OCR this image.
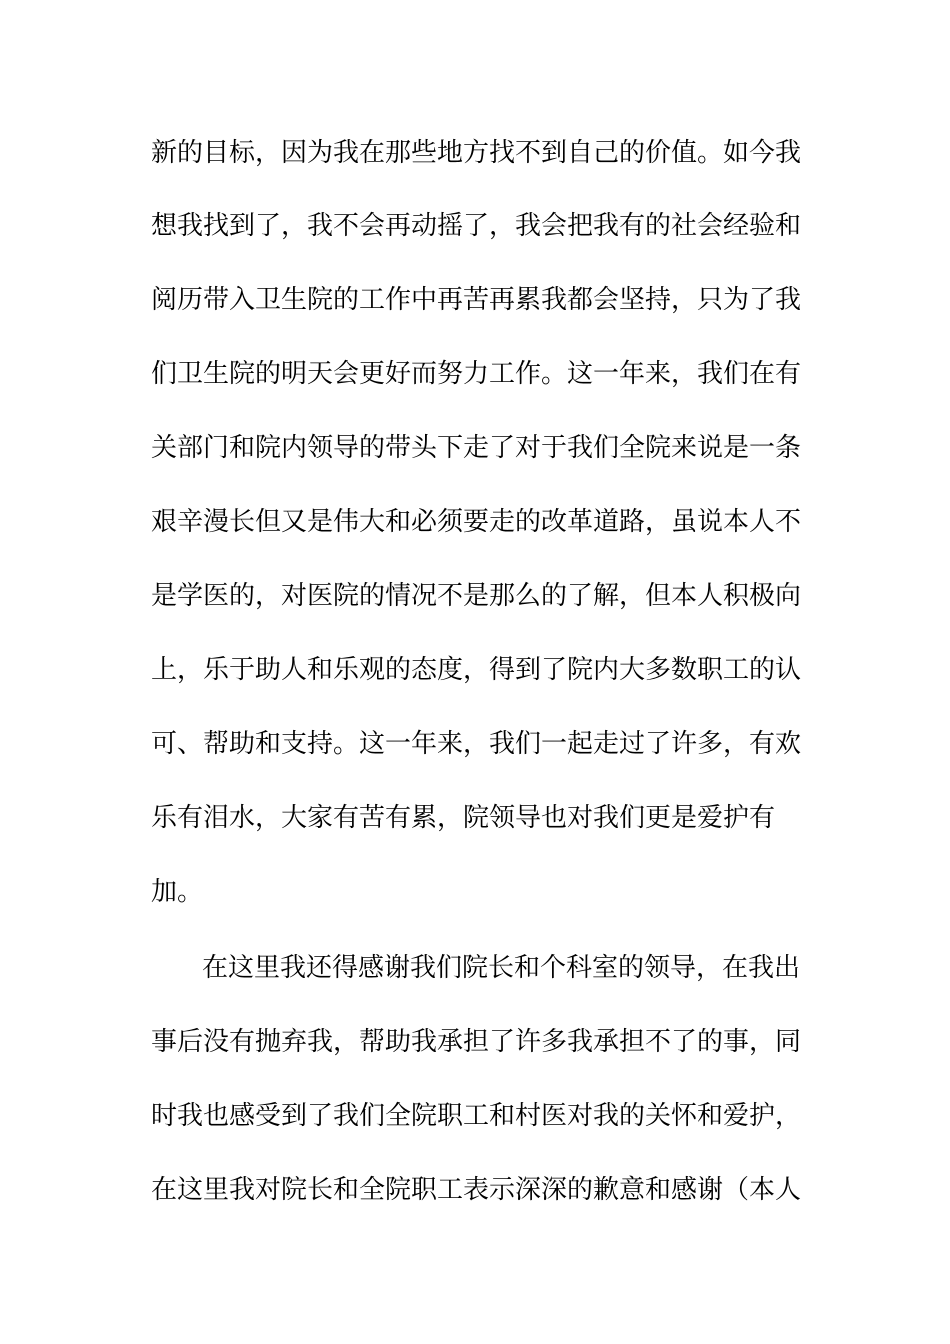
新的目标，因为我在那些地方找不到自己的价值。如今我
想我找到了，我不会再动摇了，我会把我有的社会经验和
阅历带入卫生院的工作中再苦再累我都会坚持，只为了我
们卫生院的明天会更好而努力工作。这一年来，我们在有
关部门和院内领导的带头下走了对于我们全院来说是一条
艰辛漫长但又是伟大和必须要走的改革道路，虽说本人不
是学医的，对医院的情况不是那么的了解，但本人积极向
上，乐于助人和乐观的态度，得到了院内大多数职工的认
可、帮助和支持。这一年来，我们一起走过了许多，有欢
乐有泪水，大家有苦有累，院领导也对我们更是爱护有
加。
在这里我还得感谢我们院长和个科室的领导，在我出
事后没有抛弃我，帮助我承担了许多我承担不了的事，同
时我也感受到了我们全院职工和村医对我的关怀和爱护，
在这里我对院长和全院职工表示深深的歉意和感谢（本人
